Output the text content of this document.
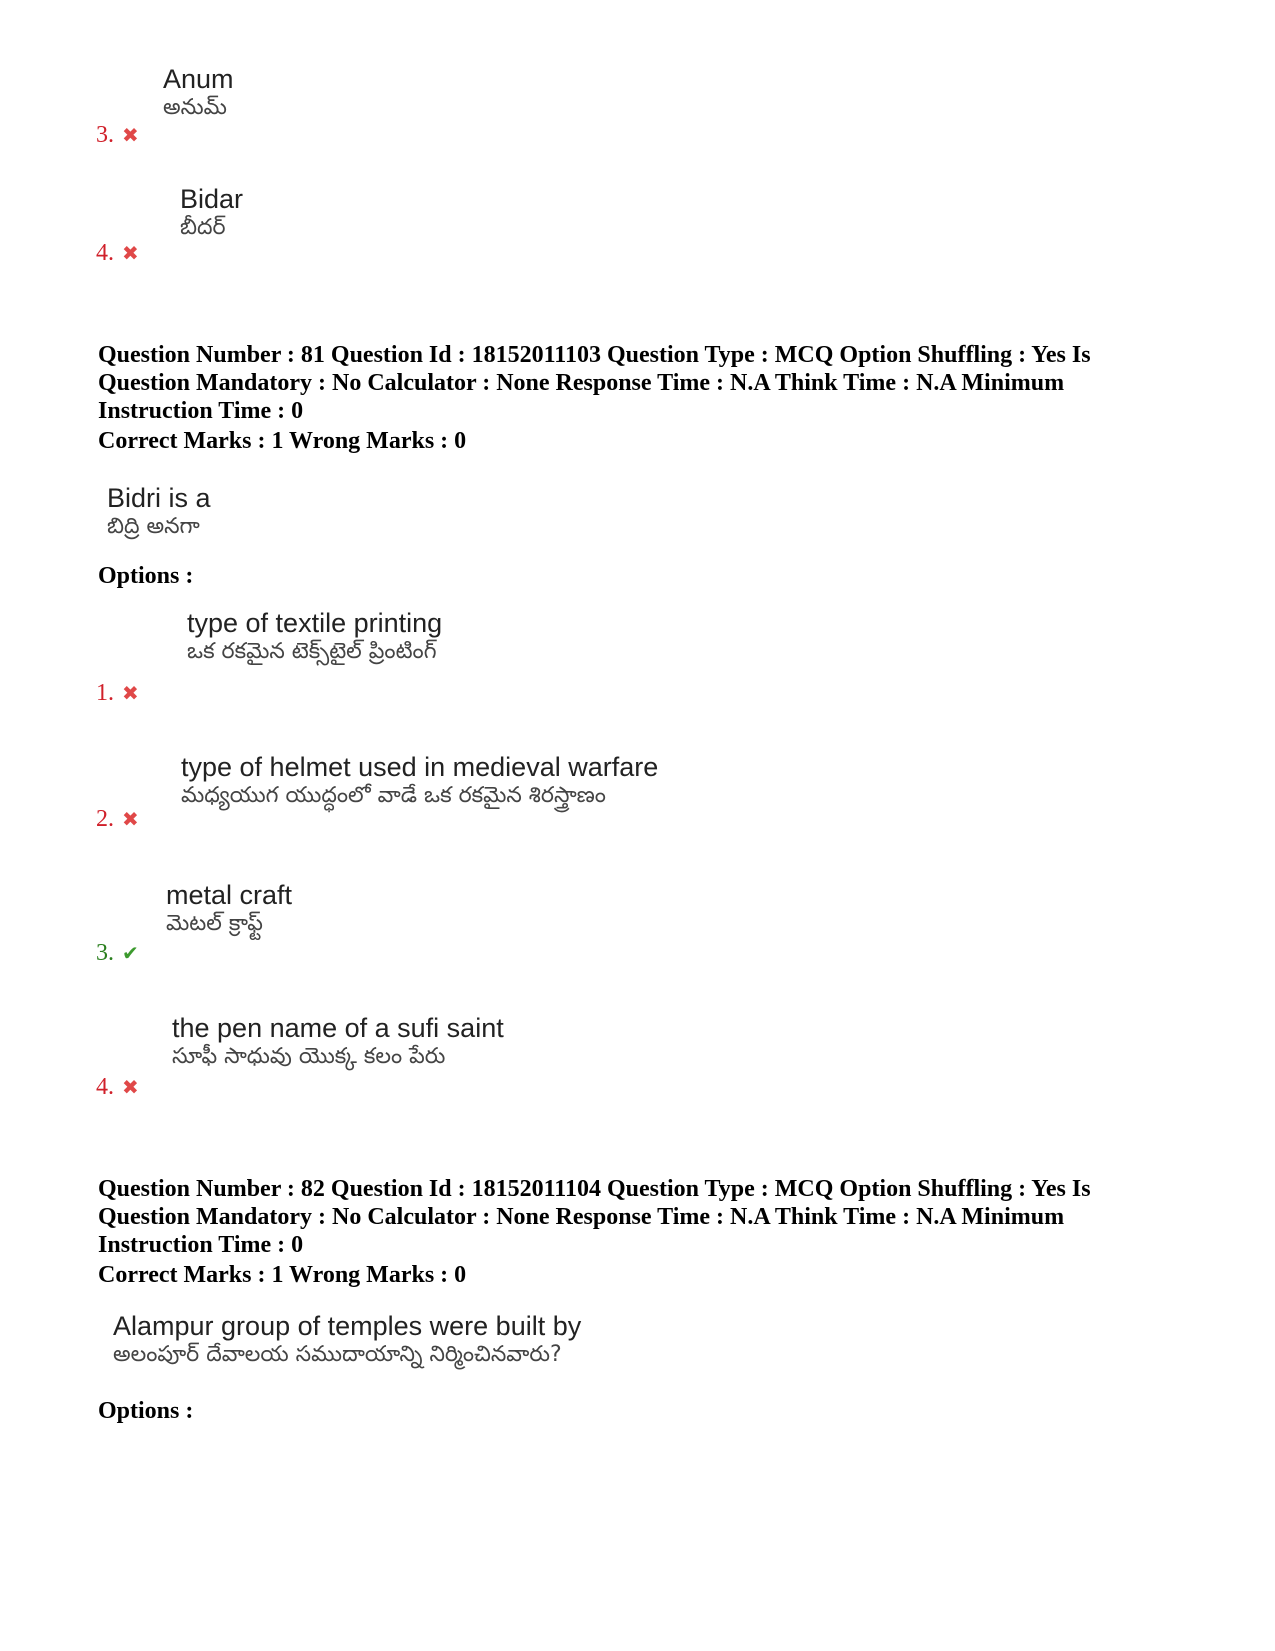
Anum
అనుమ్
3. ✖
Bidar
బీదర్
4. ✖
Question Number : 81 Question Id : 18152011103 Question Type : MCQ Option Shuffling : Yes Is
Question Mandatory : No Calculator : None Response Time : N.A Think Time : N.A Minimum
Instruction Time : 0
Correct Marks : 1 Wrong Marks : 0
Bidri is a
బిద్రి అనగా
Options :
type of textile printing
ఒక రకమైన టెక్స్‌టైల్ ప్రింటింగ్
1. ✖
type of helmet used in medieval warfare
మధ్యయుగ యుద్ధంలో వాడే ఒక రకమైన శిరస్త్రాణం
2. ✖
metal craft
మెటల్ క్రాఫ్ట్
3. ✔
the pen name of a sufi saint
సూఫీ సాధువు యొక్క కలం పేరు
4. ✖
Question Number : 82 Question Id : 18152011104 Question Type : MCQ Option Shuffling : Yes Is
Question Mandatory : No Calculator : None Response Time : N.A Think Time : N.A Minimum
Instruction Time : 0
Correct Marks : 1 Wrong Marks : 0
Alampur group of temples were built by
అలంపూర్ దేవాలయ సముదాయాన్ని నిర్మించినవారు?
Options :
